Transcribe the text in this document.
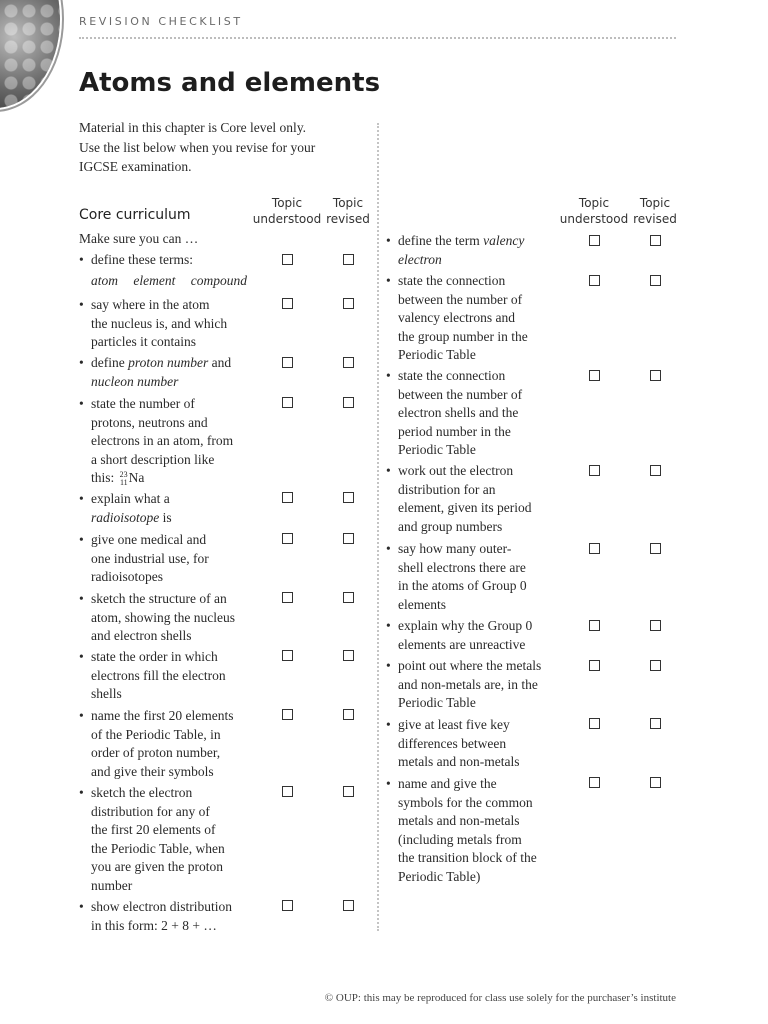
REVISION CHECKLIST
Atoms and elements
Material in this chapter is Core level only.
Use the list below when you revise for your
IGCSE examination.
Core curriculum
Topic
understood
Topic
revised
Topic
understood
Topic
revised
Make sure you can …
• define these terms:
atom element compound
• say where in the atom
the nucleus is, and which
particles it contains
• define proton number and
nucleon number
• state the number of
protons, neutrons and
electrons in an atom, from
a short description like
this: 23
11 Na
• explain what a
radioisotope is
• give one medical and
one industrial use, for
radioisotopes
• sketch the structure of an
atom, showing the nucleus
and electron shells
• state the order in which
electrons fill the electron
shells
• name the first 20 elements
of the Periodic Table, in
order of proton number,
and give their symbols
• sketch the electron
distribution for any of
the first 20 elements of
the Periodic Table, when
you are given the proton
number
• show electron distribution
in this form: 2 + 8 + …
• define the term valency
electron
• state the connection
between the number of
valency electrons and
the group number in the
Periodic Table
• state the connection
between the number of
electron shells and the
period number in the
Periodic Table
• work out the electron
distribution for an
element, given its period
and group numbers
• say how many outer-
shell electrons there are
in the atoms of Group 0
elements
• explain why the Group 0
elements are unreactive
• point out where the metals
and non-metals are, in the
Periodic Table
• give at least five key
differences between
metals and non-metals
• name and give the
symbols for the common
metals and non-metals
(including metals from
the transition block of the
Periodic Table)
© OUP: this may be reproduced for class use solely for the purchaser’s institute
